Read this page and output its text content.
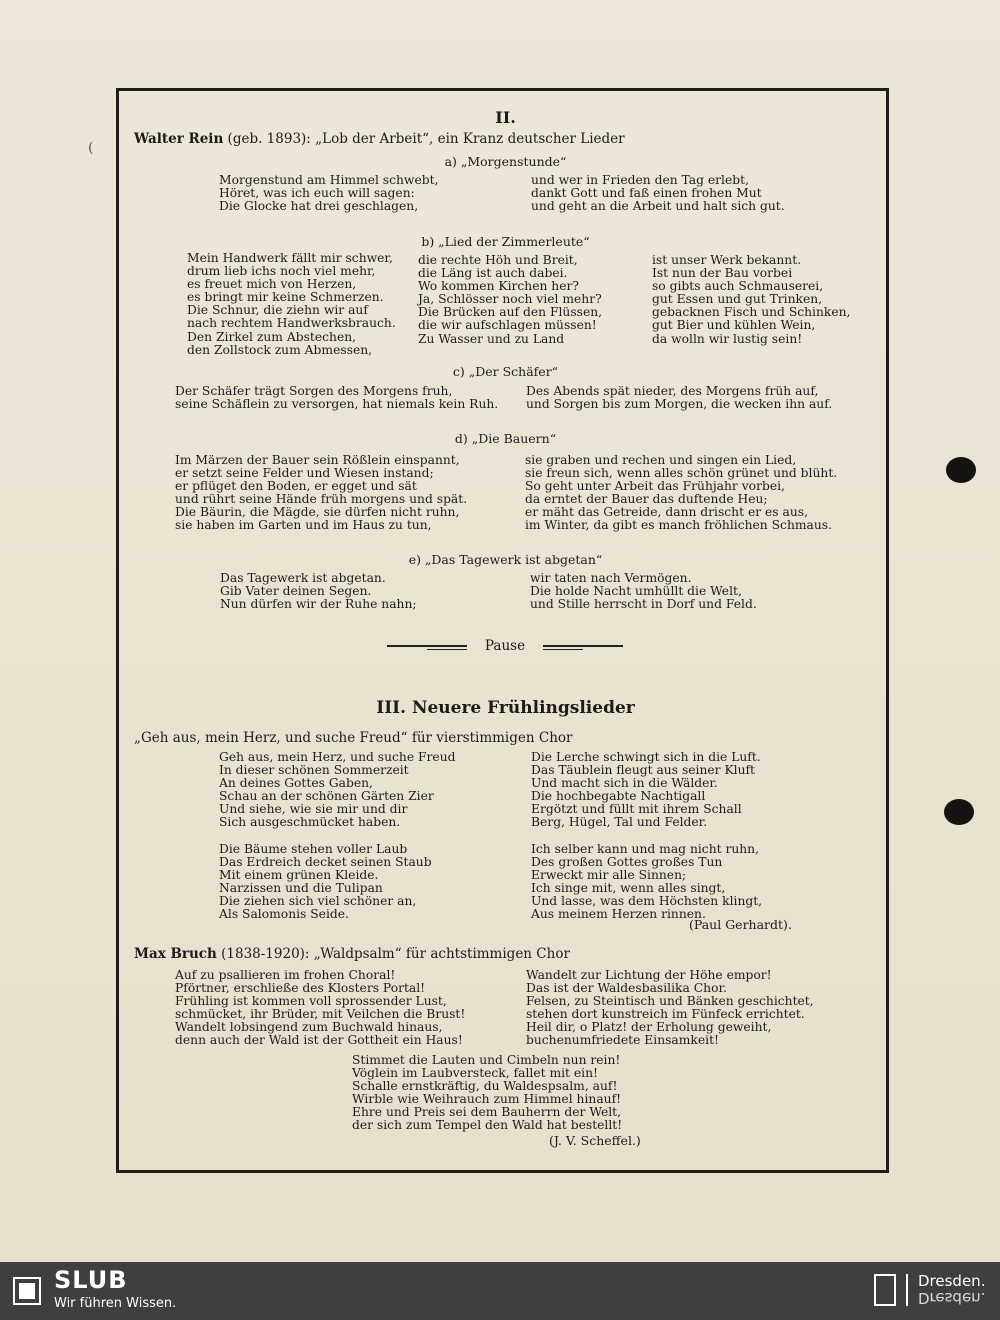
(
II.
Walter Rein (geb. 1893): „Lob der Arbeit“, ein Kranz deutscher Lieder
a) „Morgenstunde“
Morgenstund am Himmel schwebt,
Höret, was ich euch will sagen:
Die Glocke hat drei geschlagen,
und wer in Frieden den Tag erlebt,
dankt Gott und faß einen frohen Mut
und geht an die Arbeit und halt sich gut.
b) „Lied der Zimmerleute“
Mein Handwerk fällt mir schwer,
drum lieb ichs noch viel mehr,
es freuet mich von Herzen,
es bringt mir keine Schmerzen.
Die Schnur, die ziehn wir auf
nach rechtem Handwerksbrauch.
Den Zirkel zum Abstechen,
den Zollstock zum Abmessen,
die rechte Höh und Breit,
die Läng ist auch dabei.
Wo kommen Kirchen her?
Ja, Schlösser noch viel mehr?
Die Brücken auf den Flüssen,
die wir aufschlagen müssen!
Zu Wasser und zu Land
ist unser Werk bekannt.
Ist nun der Bau vorbei
so gibts auch Schmauserei,
gut Essen und gut Trinken,
gebacknen Fisch und Schinken,
gut Bier und kühlen Wein,
da wolln wir lustig sein!
c) „Der Schäfer“
Der Schäfer trägt Sorgen des Morgens fruh,
seine Schäflein zu versorgen, hat niemals kein Ruh.
Des Abends spät nieder, des Morgens früh auf,
und Sorgen bis zum Morgen, die wecken ihn auf.
d) „Die Bauern“
Im Märzen der Bauer sein Rößlein einspannt,
er setzt seine Felder und Wiesen instand;
er pflüget den Boden, er egget und sät
und rührt seine Hände früh morgens und spät.
Die Bäurin, die Mägde, sie dürfen nicht ruhn,
sie haben im Garten und im Haus zu tun,
sie graben und rechen und singen ein Lied,
sie freun sich, wenn alles schön grünet und blüht.
So geht unter Arbeit das Frühjahr vorbei,
da erntet der Bauer das duftende Heu;
er mäht das Getreide, dann drischt er es aus,
im Winter, da gibt es manch fröhlichen Schmaus.
e) „Das Tagewerk ist abgetan“
Das Tagewerk ist abgetan.
Gib Vater deinen Segen.
Nun dürfen wir der Ruhe nahn;
wir taten nach Vermögen.
Die holde Nacht umhüllt die Welt,
und Stille herrscht in Dorf und Feld.
Pause
III. Neuere Frühlingslieder
„Geh aus, mein Herz, und suche Freud“ für vierstimmigen Chor
Geh aus, mein Herz, und suche Freud
In dieser schönen Sommerzeit
An deines Gottes Gaben,
Schau an der schönen Gärten Zier
Und siehe, wie sie mir und dir
Sich ausgeschmücket haben.

Die Bäume stehen voller Laub
Das Erdreich decket seinen Staub
Mit einem grünen Kleide.
Narzissen und die Tulipan
Die ziehen sich viel schöner an,
Als Salomonis Seide.
Die Lerche schwingt sich in die Luft.
Das Täublein fleugt aus seiner Kluft
Und macht sich in die Wälder.
Die hochbegabte Nachtigall
Ergötzt und füllt mit ihrem Schall
Berg, Hügel, Tal und Felder.

Ich selber kann und mag nicht ruhn,
Des großen Gottes großes Tun
Erweckt mir alle Sinnen;
Ich singe mit, wenn alles singt,
Und lasse, was dem Höchsten klingt,
Aus meinem Herzen rinnen.
(Paul Gerhardt).
Max Bruch (1838-1920): „Waldpsalm“ für achtstimmigen Chor
Auf zu psallieren im frohen Choral!
Pförtner, erschließe des Klosters Portal!
Frühling ist kommen voll sprossender Lust,
schmücket, ihr Brüder, mit Veilchen die Brust!
Wandelt lobsingend zum Buchwald hinaus,
denn auch der Wald ist der Gottheit ein Haus!
Wandelt zur Lichtung der Höhe empor!
Das ist der Waldesbasilika Chor.
Felsen, zu Steintisch und Bänken geschichtet,
stehen dort kunstreich im Fünfeck errichtet.
Heil dir, o Platz! der Erholung geweiht,
buchenumfriedete Einsamkeit!
Stimmet die Lauten und Cimbeln nun rein!
Vöglein im Laubversteck, fallet mit ein!
Schalle ernstkräftig, du Waldespsalm, auf!
Wirble wie Weihrauch zum Himmel hinauf!
Ehre und Preis sei dem Bauherrn der Welt,
der sich zum Tempel den Wald hat bestellt!
(J. V. Scheffel.)
SLUB
Wir führen Wissen.
Dresden.
Dresden.
